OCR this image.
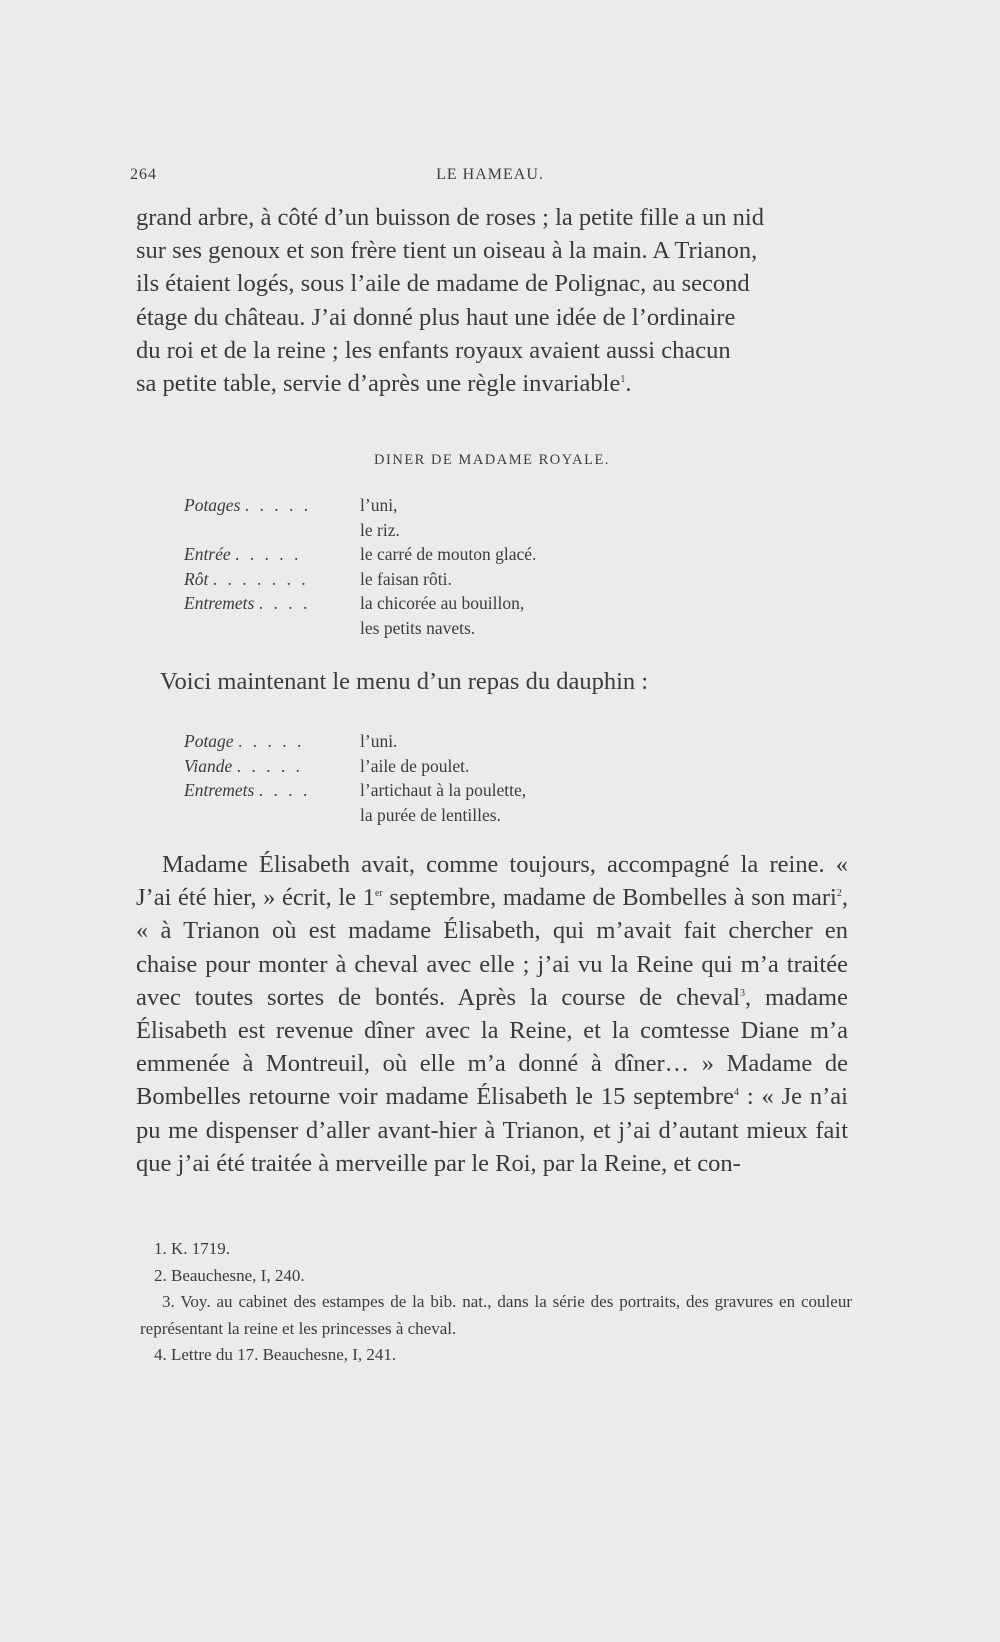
264	LE HAMEAU.

grand arbre, à côté d’un buisson de roses ; la petite fille a un nid

sur ses genoux et son frère tient un oiseau à la main. A Trianon,

ils étaient logés, sous l’aile de madame de Polignac, au second

étage du château. J’ai donné plus haut une idée de l’ordinaire

du roi et de la reine ; les enfants royaux avaient aussi chacun

sa petite table, servie d’après une règle invariable$^1$.

DINER DE MADAME ROYALE.
Potages . . . . .	l’uni,
le riz.
Entrée . . . . .	le carré de mouton glacé.
Rôt . . . . . . .	le faisan rôti.
Entremets . . . .	la chicorée au bouillon,
les petits navets.
Voici maintenant le menu d’un repas du dauphin :
Potage . . . . .	l’uni.
Viande . . . . .	l’aile de poulet.
Entremets . . . .	l’artichaut à la poulette,
la purée de lentilles.

Madame Élisabeth avait, comme toujours, accompagné la reine. « J’ai été hier, » écrit, le 1er septembre, madame de Bombelles à son mari$^2$, « à Trianon où est madame Élisabeth, qui m’avait fait chercher en chaise pour monter à cheval avec elle ; j’ai vu la Reine qui m’a traitée avec toutes sortes de bontés. Après la course de cheval$^3$, madame Élisabeth est revenue dîner avec la Reine, et la comtesse Diane m’a emmenée à Montreuil, où elle m’a donné à dîner… » Madame de Bombelles retourne voir madame Élisabeth le 15 septembre$^4$ : « Je n’ai pu me dispenser d’aller avant-hier à Trianon, et j’ai d’autant mieux fait que j’ai été traitée à merveille par le Roi, par la Reine, et con-

1. K. 1719.

2. Beauchesne, I, 240.

3. Voy. au cabinet des estampes de la bib. nat., dans la série des portraits, des gravures en couleur représentant la reine et les princesses à cheval.

4. Lettre du 17. Beauchesne, I, 241.
